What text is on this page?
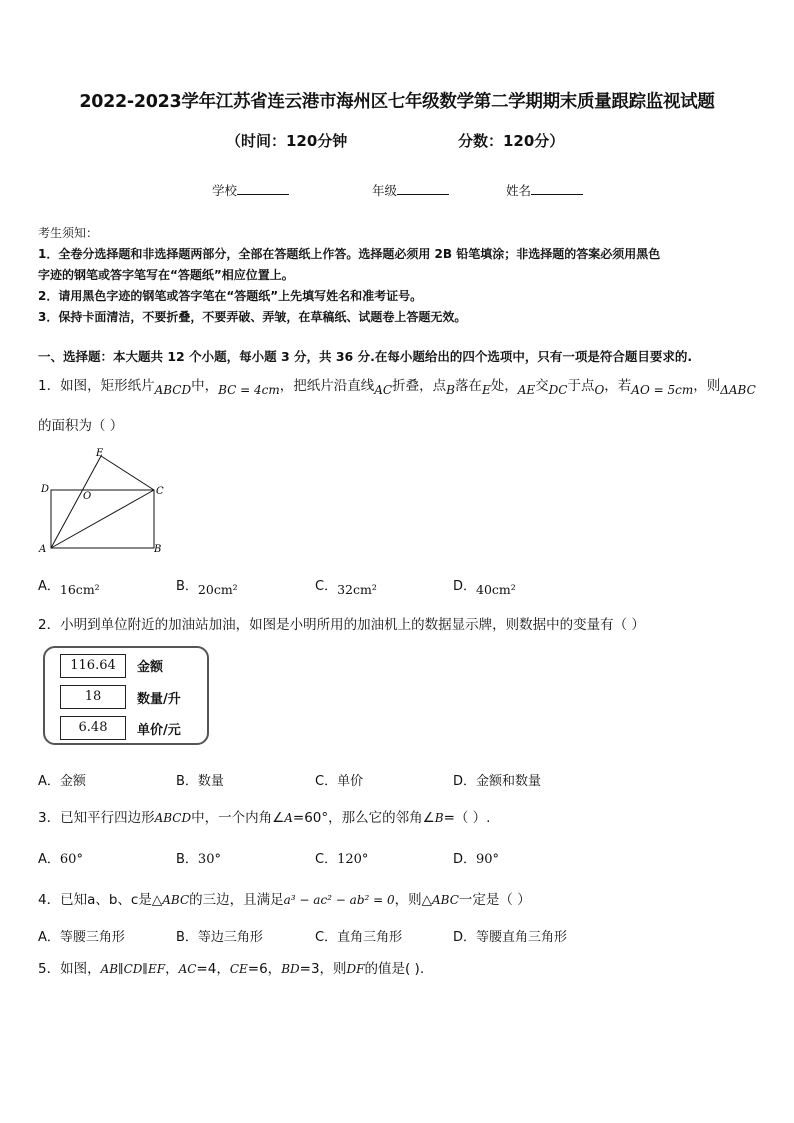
2022-2023学年江苏省连云港市海州区七年级数学第二学期期末质量跟踪监视试题
（时间：120分钟	分数：120分）
学校	年级	姓名
考生须知：
1．全卷分选择题和非选择题两部分，全部在答题纸上作答。选择题必须用 2B 铅笔填涂；非选择题的答案必须用黑色
字迹的钢笔或答字笔写在“答题纸”相应位置上。
2．请用黑色字迹的钢笔或答字笔在“答题纸”上先填写姓名和准考证号。
3．保持卡面清洁，不要折叠，不要弄破、弄皱，在草稿纸、试题卷上答题无效。
一、选择题：本大题共 12 个小题，每小题 3 分，共 36 分.在每小题给出的四个选项中，只有一项是符合题目要求的.
1．如图，矩形纸片ABCD中，BC = 4cm，把纸片沿直线AC折叠，点B落在E处，AE交DC于点O，若AO = 5cm，则ΔABC
的面积为（ ）
A	B
C
D
E
O
A．16cm²	B．20cm²	C．32cm²	D．40cm²
2．小明到单位附近的加油站加油，如图是小明所用的加油机上的数据显示牌，则数据中的变量有（ ）
116.64	金额
18	数量/升
6.48	单价/元
A．金额	B．数量	C．单价	D．金额和数量
3．已知平行四边形ABCD中，一个内角∠A=60°，那么它的邻角∠B=（ ）.
A．60°	B．30°	C．120°	D．90°
4．已知a、b、c是△ABC的三边，且满足a³ − ac² − ab² = 0，则△ABC一定是（ ）
A．等腰三角形	B．等边三角形	C．直角三角形	D．等腰直角三角形
5．如图，AB∥CD∥EF，AC=4，CE=6，BD=3，则DF的值是( ).
